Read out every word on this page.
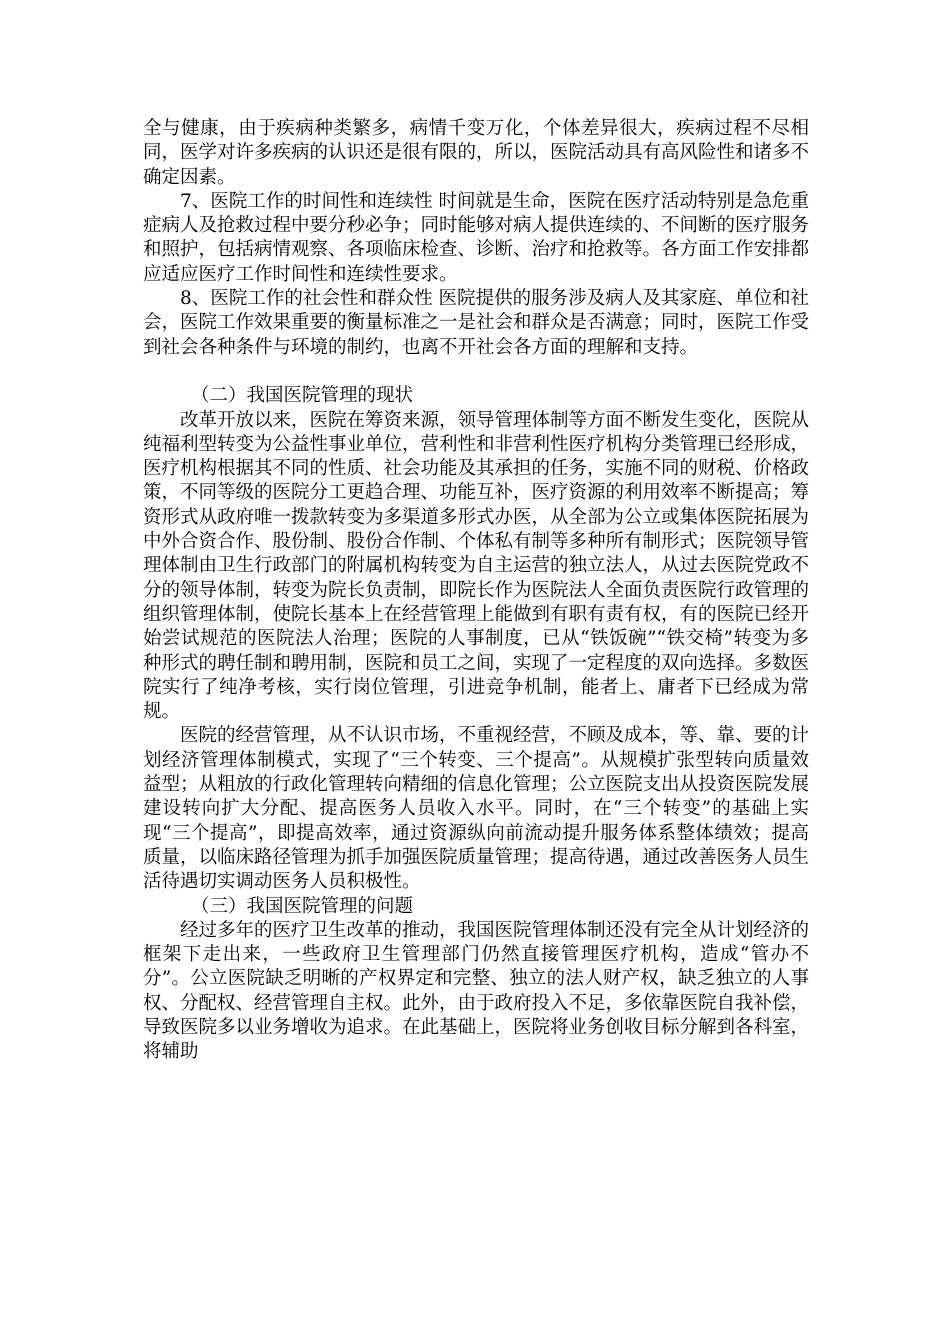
全与健康，由于疾病种类繁多，病情千变万化，个体差异很大，疾病过程不尽相同，医学对许多疾病的认识还是很有限的，所以，医院活动具有高风险性和诸多不确定因素。

7、医院工作的时间性和连续性 时间就是生命，医院在医疗活动特别是急危重症病人及抢救过程中要分秒必争；同时能够对病人提供连续的、不间断的医疗服务和照护，包括病情观察、各项临床检查、诊断、治疗和抢救等。各方面工作安排都应适应医疗工作时间性和连续性要求。

8、医院工作的社会性和群众性 医院提供的服务涉及病人及其家庭、单位和社会，医院工作效果重要的衡量标准之一是社会和群众是否满意；同时，医院工作受到社会各种条件与环境的制约，也离不开社会各方面的理解和支持。

（二）我国医院管理的现状

改革开放以来，医院在筹资来源，领导管理体制等方面不断发生变化，医院从纯福利型转变为公益性事业单位，营利性和非营利性医疗机构分类管理已经形成，医疗机构根据其不同的性质、社会功能及其承担的任务，实施不同的财税、价格政策，不同等级的医院分工更趋合理、功能互补，医疗资源的利用效率不断提高；筹资形式从政府唯一拨款转变为多渠道多形式办医，从全部为公立或集体医院拓展为中外合资合作、股份制、股份合作制、个体私有制等多种所有制形式；医院领导管理体制由卫生行政部门的附属机构转变为自主运营的独立法人，从过去医院党政不分的领导体制，转变为院长负责制，即院长作为医院法人全面负责医院行政管理的组织管理体制，使院长基本上在经营管理上能做到有职有责有权，有的医院已经开始尝试规范的医院法人治理；医院的人事制度，已从“铁饭碗”“铁交椅”转变为多种形式的聘任制和聘用制，医院和员工之间，实现了一定程度的双向选择。多数医院实行了纯净考核，实行岗位管理，引进竞争机制，能者上、庸者下已经成为常规。

医院的经营管理，从不认识市场，不重视经营，不顾及成本，等、靠、要的计划经济管理体制模式，实现了“三个转变、三个提高”。从规模扩张型转向质量效益型；从粗放的行政化管理转向精细的信息化管理；公立医院支出从投资医院发展建设转向扩大分配、提高医务人员收入水平。同时，在“三个转变”的基础上实现“三个提高”，即提高效率，通过资源纵向前流动提升服务体系整体绩效；提高质量，以临床路径管理为抓手加强医院质量管理；提高待遇，通过改善医务人员生活待遇切实调动医务人员积极性。

（三）我国医院管理的问题

经过多年的医疗卫生改革的推动，我国医院管理体制还没有完全从计划经济的框架下走出来，一些政府卫生管理部门仍然直接管理医疗机构，造成“管办不分”。公立医院缺乏明晰的产权界定和完整、独立的法人财产权，缺乏独立的人事权、分配权、经营管理自主权。此外，由于政府投入不足，多依靠医院自我补偿，导致医院多以业务增收为追求。在此基础上，医院将业务创收目标分解到各科室，将辅助
